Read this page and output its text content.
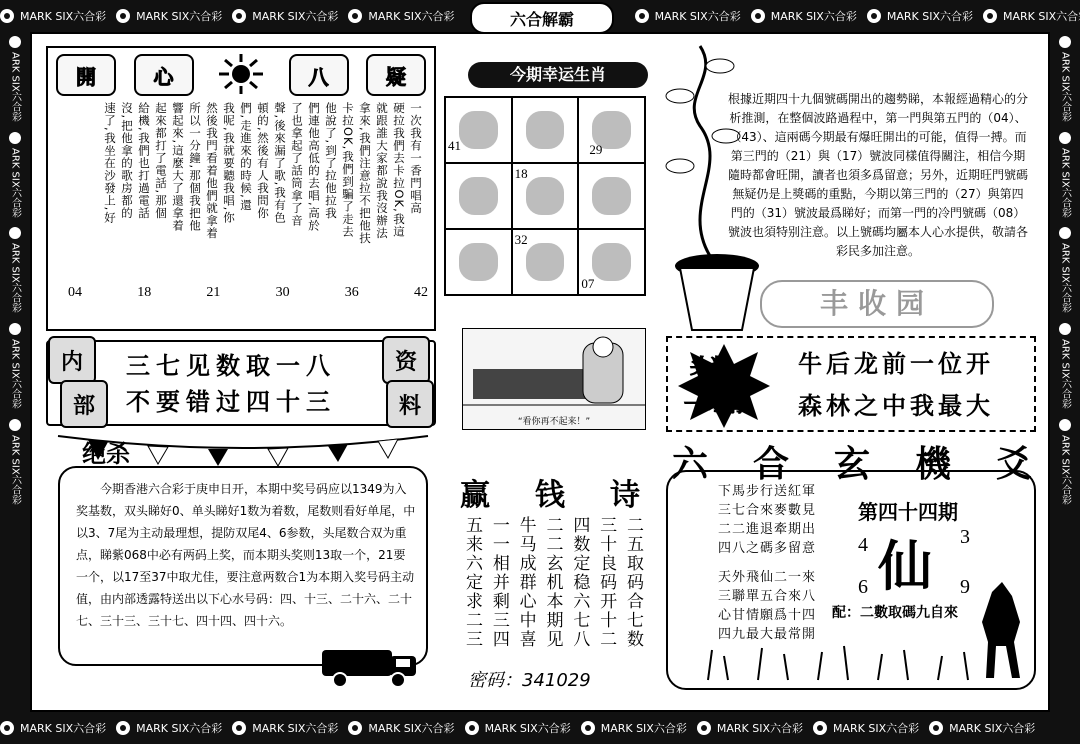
MARK SIX六合彩	MARK SIX六合彩	MARK SIX六合彩	MARK SIX六合彩	MARK SIX六合彩	MARK SIX六合彩	MARK SIX六合彩	MARK SIX六合彩
MARK SIX六合彩	MARK SIX六合彩	MARK SIX六合彩	MARK SIX六合彩	MARK SIX六合彩	MARK SIX六合彩	MARK SIX六合彩	MARK SIX六合彩	MARK SIX六合彩
ARK SIX六合彩
ARK SIX六合彩
ARK SIX六合彩
ARK SIX六合彩
ARK SIX六合彩
ARK SIX六合彩
ARK SIX六合彩
ARK SIX六合彩
ARK SIX六合彩
ARK SIX六合彩
六合解霸
開	心	八	疑
一次我有一香門唱高
硬拉我們去卡拉OK,我這
就跟誰大家都說我沒辦法
拿來,我們注意拉不把他扶
卡拉OK,我們到騙了走去
他說了,到了拉他拉我
們連他高低的去唱,高於
了也拿起了話筒拿了音
聲,後來漏了歌,我有色
頓的,然後有人我問你
們,走進來的時候,還
我呢,我就要聽我唱,你
然後我門看着他們就拿着
所以一分鐘,那個我把他
響起來,這麼大了還拿着
起來都打了電話,那個
給機,我們也打過電話
沒,把他拿的歌房都的
速了,我坐在沙發上,好
04	18	21	30	36	42
内
部
资
料
三七见数取一八
不要错过四十三
绝杀
今期香港六合彩于庚申日开，本期中奖号码应以1349为入奖基数，双头睇好0、单头睇好1数为着数，尾数则看好单尾，中以3、7尾为主动最理想，提防双尾4、6参数，头尾数合双为重点，睇紫068中必有两码上奖，而本期头奖则13取一个，21要一个，以17至37中取尤佳，要注意两数合1为本期入奖号码主动值，由内部透露特送出以下心水号码：四、十三、二十六、二十七、三十三、三十七、四十四、四十六。
今期幸运生肖
41	29
18
32
07
“看你再不起来！”
赢 钱 诗
二五取码合七数
三十良码开十二
四数定稳六七八
二二玄机本期见
牛马成群心中喜
一一相并剩三四
五来六定求二三
密码：341029
根據近期四十九個號碼開出的趨勢睇，本報經過精心的分析推測，在整個波路過程中，第一門與第五門的（04）、（43）、這兩碼今期最有爆旺開出的可能，值得一搏。而第三門的（21）與（17）號波同樣值得關注，相信今期隨時都會旺開，讀者也須多爲留意；另外，近期旺門號碼無疑仍是上獎碼的重點，今期以第三門的（27）與第四門的（31）號波最爲睇好；而第一門的冷門號碼（08）號波也須特别注意。以上號碼均屬本人心水提供，敬請各彩民多加注意。
丰收园
头奖
一句猜
牛后龙前一位开
森林之中我最大
六 合 玄 機 爻
下馬步行送紅軍
三七合來麥數見
二二進退牽期出
四八之碼多留意
天外飛仙二一來
三聯單五合來八
心甘情願爲十四
四九最大最常開
第四十四期
4	3
仙
6	9
配：二數取碼九自來
